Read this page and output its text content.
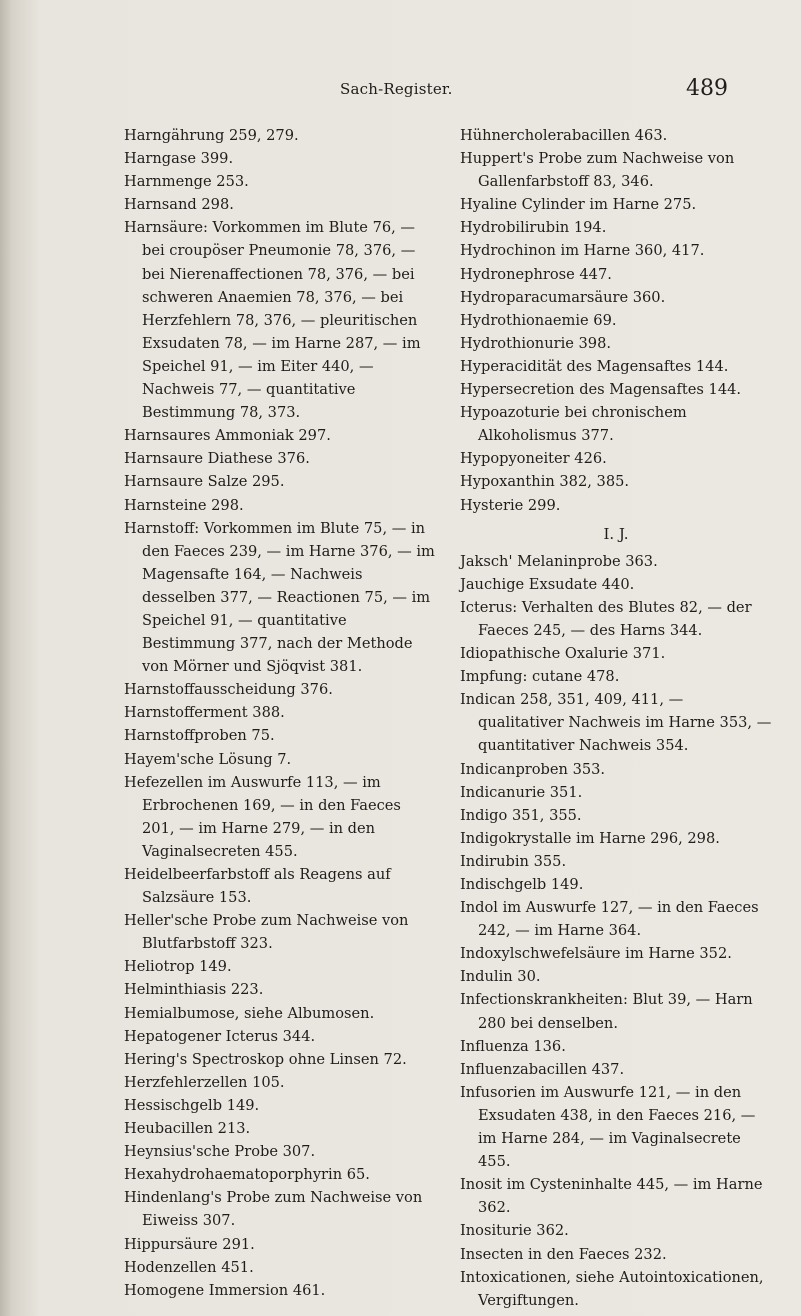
Sach-Register.	489

Harngährung 259, 279.

Harngase 399.

Harnmenge 253.

Harnsand 298.

Harnsäure: Vorkommen im Blute 76, — bei croupöser Pneumonie 78, 376, — bei Nierenaffectionen 78, 376, — bei schweren Anaemien 78, 376, — bei Herzfehlern 78, 376, — pleuritischen Exsudaten 78, — im Harne 287, — im Speichel 91, — im Eiter 440, — Nachweis 77, — quantitative Bestimmung 78, 373.

Harnsaures Ammoniak 297.

Harnsaure Diathese 376.

Harnsaure Salze 295.

Harnsteine 298.

Harnstoff: Vorkommen im Blute 75, — in den Faeces 239, — im Harne 376, — im Magensafte 164, — Nachweis desselben 377, — Reactionen 75, — im Speichel 91, — quantitative Bestimmung 377, nach der Methode von Mörner und Sjöqvist 381.

Harnstoffausscheidung 376.

Harnstofferment 388.

Harnstoffproben 75.

Hayem'sche Lösung 7.

Hefezellen im Auswurfe 113, — im Erbrochenen 169, — in den Faeces 201, — im Harne 279, — in den Vaginalsecreten 455.

Heidelbeerfarbstoff als Reagens auf Salzsäure 153.

Heller'sche Probe zum Nachweise von Blutfarbstoff 323.

Heliotrop 149.

Helminthiasis 223.

Hemialbumose, siehe Albumosen.

Hepatogener Icterus 344.

Hering's Spectroskop ohne Linsen 72.

Herzfehlerzellen 105.

Hessischgelb 149.

Heubacillen 213.

Heynsius'sche Probe 307.

Hexahydrohaematoporphyrin 65.

Hindenlang's Probe zum Nachweise von Eiweiss 307.

Hippursäure 291.

Hodenzellen 451.

Homogene Immersion 461.

Hühnercholerabacillen 463.

Huppert's Probe zum Nachweise von Gallenfarbstoff 83, 346.

Hyaline Cylinder im Harne 275.

Hydrobilirubin 194.

Hydrochinon im Harne 360, 417.

Hydronephrose 447.

Hydroparacumarsäure 360.

Hydrothionaemie 69.

Hydrothionurie 398.

Hyperacidität des Magensaftes 144.

Hypersecretion des Magensaftes 144.

Hypoazoturie bei chronischem Alkoholismus 377.

Hypopyoneiter 426.

Hypoxanthin 382, 385.

Hysterie 299.

I. J.

Jaksch' Melaninprobe 363.

Jauchige Exsudate 440.

Icterus: Verhalten des Blutes 82, — der Faeces 245, — des Harns 344.

Idiopathische Oxalurie 371.

Impfung: cutane 478.

Indican 258, 351, 409, 411, — qualitativer Nachweis im Harne 353, — quantitativer Nachweis 354.

Indicanproben 353.

Indicanurie 351.

Indigo 351, 355.

Indigokrystalle im Harne 296, 298.

Indirubin 355.

Indischgelb 149.

Indol im Auswurfe 127, — in den Faeces 242, — im Harne 364.

Indoxylschwefelsäure im Harne 352.

Indulin 30.

Infectionskrankheiten: Blut 39, — Harn 280 bei denselben.

Influenza 136.

Influenzabacillen 437.

Infusorien im Auswurfe 121, — in den Exsudaten 438, in den Faeces 216, — im Harne 284, — im Vaginalsecrete 455.

Inosit im Cysteninhalte 445, — im Harne 362.

Inositurie 362.

Insecten in den Faeces 232.

Intoxicationen, siehe Autointoxicationen, Vergiftungen.
